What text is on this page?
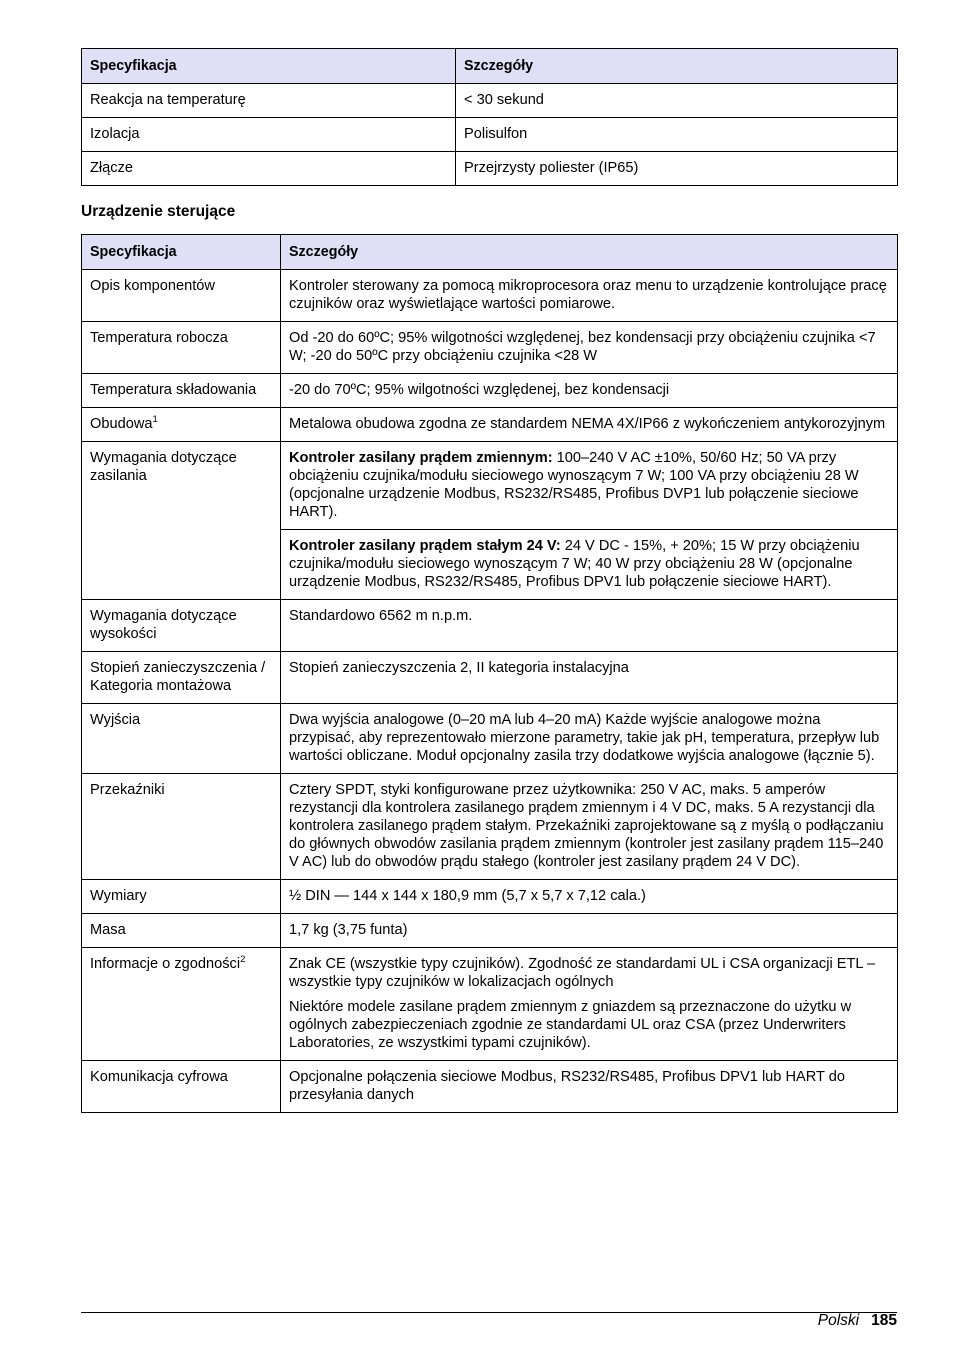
Specyfikacja	Szczegóły
Reakcja na temperaturę	< 30 sekund
Izolacja	Polisulfon
Złącze	Przejrzysty poliester (IP65)
Urządzenie sterujące
Specyfikacja	Szczegóły
Opis komponentów	Kontroler sterowany za pomocą mikroprocesora oraz menu to urządzenie kontrolujące pracę czujników oraz wyświetlające wartości pomiarowe.
Temperatura robocza	Od -20 do 60ºC; 95% wilgotności względenej, bez kondensacji przy obciążeniu czujnika <7 W; -20 do 50ºC przy obciążeniu czujnika <28 W
Temperatura składowania	-20 do 70ºC; 95% wilgotności względenej, bez kondensacji
Obudowa$^1$	Metalowa obudowa zgodna ze standardem NEMA 4X/IP66 z wykończeniem antykorozyjnym
Wymagania dotyczące zasilania	Kontroler zasilany prądem zmiennym: 100–240 V AC ±10%, 50/60 Hz; 50 VA przy obciążeniu czujnika/modułu sieciowego wynoszącym 7 W; 100 VA przy obciążeniu 28 W (opcjonalne urządzenie Modbus, RS232/RS485, Profibus DVP1 lub połączenie sieciowe HART).
	Kontroler zasilany prądem stałym 24 V: 24 V DC - 15%, + 20%; 15 W przy obciążeniu czujnika/modułu sieciowego wynoszącym 7 W; 40 W przy obciążeniu 28 W (opcjonalne urządzenie Modbus, RS232/RS485, Profibus DPV1 lub połączenie sieciowe HART).
Wymagania dotyczące wysokości	Standardowo 6562 m n.p.m.
Stopień zanieczyszczenia / Kategoria montażowa	Stopień zanieczyszczenia 2, II kategoria instalacyjna
Wyjścia	Dwa wyjścia analogowe (0–20 mA lub 4–20 mA) Każde wyjście analogowe można przypisać, aby reprezentowało mierzone parametry, takie jak pH, temperatura, przepływ lub wartości obliczane. Moduł opcjonalny zasila trzy dodatkowe wyjścia analogowe (łącznie 5).
Przekaźniki	Cztery SPDT, styki konfigurowane przez użytkownika: 250 V AC, maks. 5 amperów rezystancji dla kontrolera zasilanego prądem zmiennym i 4 V DC, maks. 5 A rezystancji dla kontrolera zasilanego prądem stałym. Przekaźniki zaprojektowane są z myślą o podłączaniu do głównych obwodów zasilania prądem zmiennym (kontroler jest zasilany prądem 115–240 V AC) lub do obwodów prądu stałego (kontroler jest zasilany prądem 24 V DC).
Wymiary	½ DIN — 144 x 144 x 180,9 mm (5,7 x 5,7 x 7,12 cala.)
Masa	1,7 kg (3,75 funta)
Informacje o zgodności$^2$	Znak CE (wszystkie typy czujników). Zgodność ze standardami UL i CSA organizacji ETL – wszystkie typy czujników w lokalizacjach ogólnych
Niektóre modele zasilane prądem zmiennym z gniazdem są przeznaczone do użytku w ogólnych zabezpieczeniach zgodnie ze standardami UL oraz CSA (przez Underwriters Laboratories, ze wszystkimi typami czujników).

Komunikacja cyfrowa	Opcjonalne połączenia sieciowe Modbus, RS232/RS485, Profibus DPV1 lub HART do przesyłania danych
Polski 185
